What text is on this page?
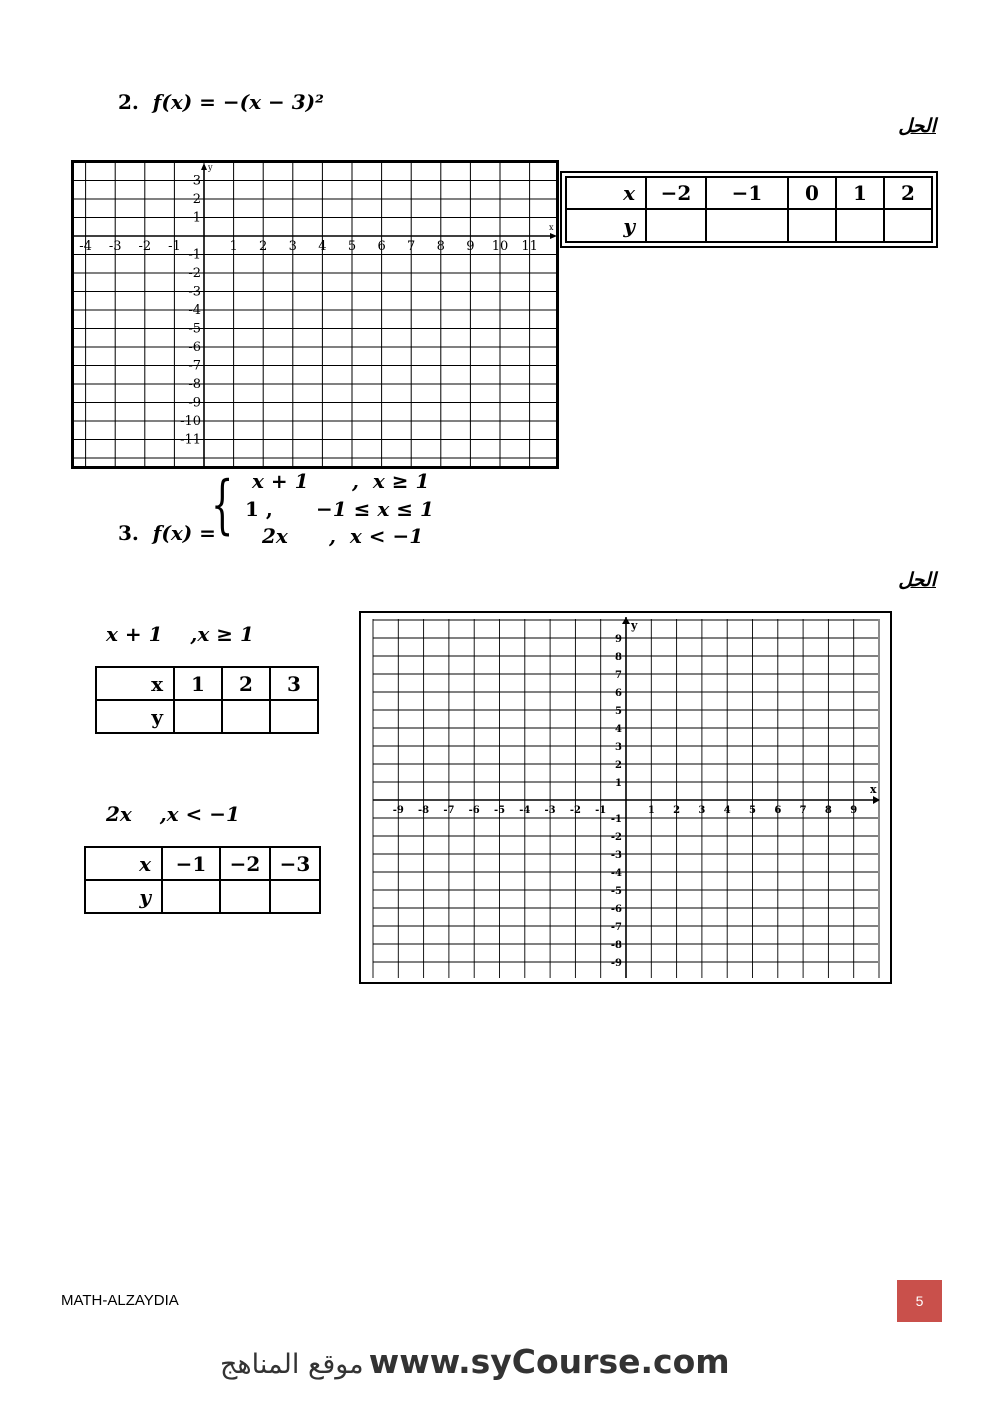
2. f(x) = −(x − 3)²

الحل
x
y
-4 -3 -2 -1	1 2 3 4 5 6 7 8 9 10 11
3
2
1
-1
-2
-3
-4
-5
-6
-7
-8
-9
-10
-11
x	−2	−1	0	1	2
y					

3. f(x) =

{ x + 1 ,  x ≥ 1
1 , −1 ≤ x ≤ 1
2x ,  x < −1
الحل
x + 1 ,x ≥ 1
x	1	2	3
y			
2x ,x < −1
x	−1	−2	−3
y			
x
y
-9 -8 -7 -6 -5 -4 -3 -2 -1	1 2 3 4 5 6 7 8 9
9
8
7
6
5
4
3
2
1
-1
-2
-3
-4
-5
-6
-7
-8
-9
MATH-ALZAYDIA	5
موقع المناهج www.syCourse.com
